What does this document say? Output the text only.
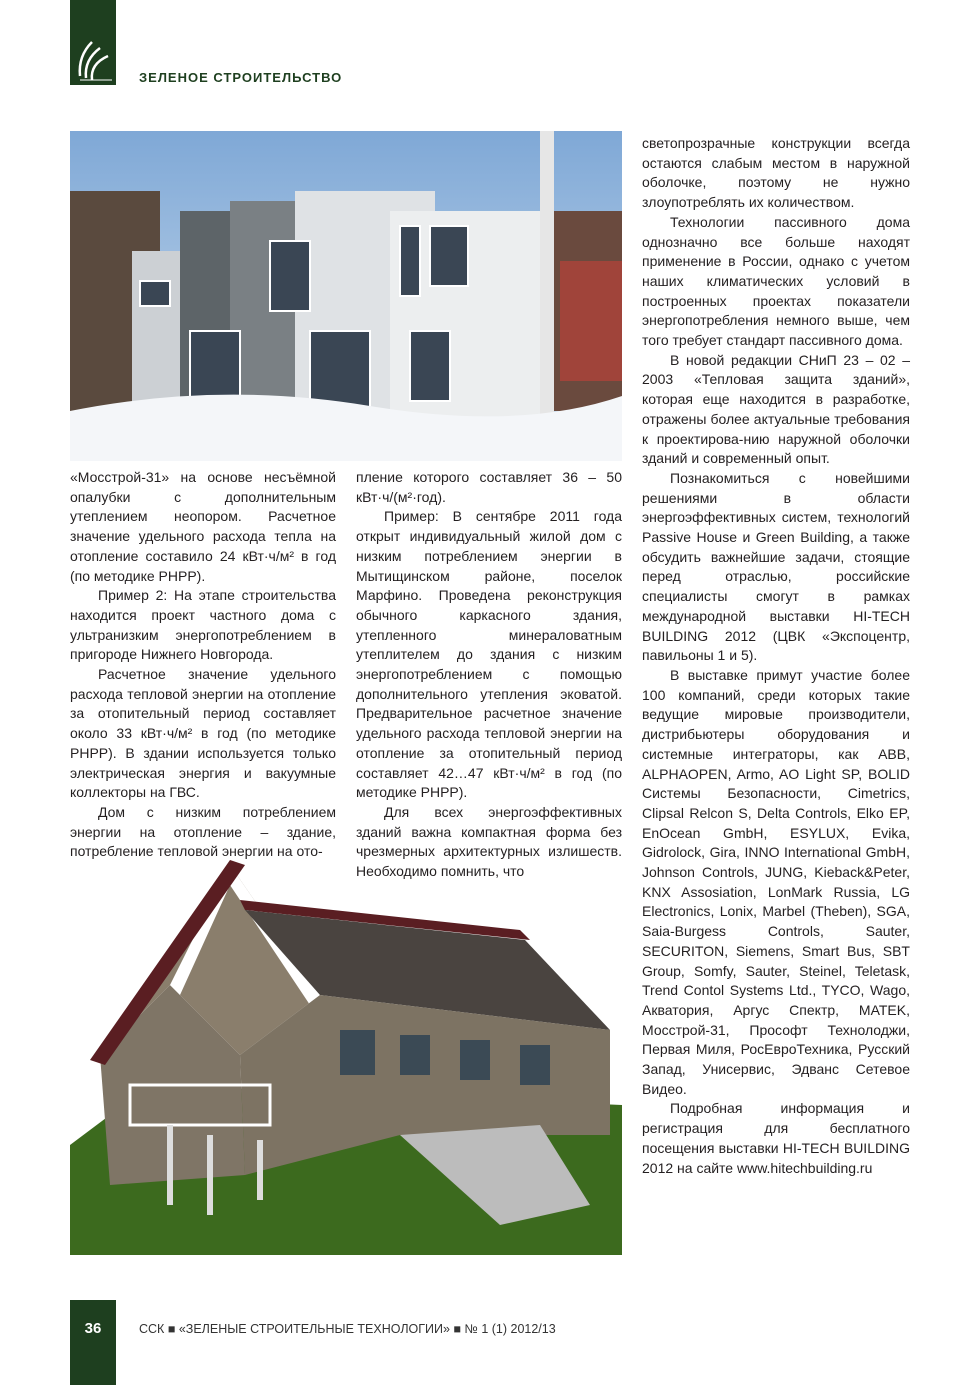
ЗЕЛЕНОЕ СТРОИТЕЛЬСТВО

«Мосстрой-31» на основе несъёмной опалубки с дополнительным утеплением неопором. Расчетное значение удельного расхода тепла на отопление составило 24 кВт·ч/м² в год (по методике PHPP).

Пример 2: На этапе строительства находится проект частного дома с ультранизким энергопотреблением в пригороде Нижнего Новгорода.

Расчетное значение удельного расхода тепловой энергии на отопление за отопительный период составляет около 33 кВт·ч/м² в год (по методике PHPP). В здании используется только электрическая энергия и вакуумные коллекторы на ГВС.

Дом с низким потреблением энергии на отопление – здание, потребление тепловой энергии на ото-

пление которого составляет 36 – 50 кВт·ч/(м²·год).

Пример: В сентябре 2011 года открыт индивидуальный жилой дом с низким потреблением энергии в Мытищинском районе, поселок Марфино. Проведена реконструкция обычного каркасного здания, утепленного минераловатным утеплителем до здания с низким энергопотреблением с помощью дополнительного утепления эковатой. Предварительное расчетное значение удельного расхода тепловой энергии на отопление за отопительный период составляет 42…47 кВт·ч/м² в год (по методике PHPP).

Для всех энергоэффективных зданий важна компактная форма без чрезмерных архитектурных излишеств. Необходимо помнить, что

светопрозрачные конструкции всегда остаются слабым местом в наружной оболочке, поэтому не нужно злоупотреблять их количеством.

Технологии пассивного дома однозначно все больше находят применение в России, однако с учетом наших климатических условий в построенных проектах показатели энергопотребления немного выше, чем того требует стандарт пассивного дома.

В новой редакции СНиП 23 – 02 – 2003 «Тепловая защита зданий», которая еще находится в разработке, отражены более актуальные требования к проектирова-нию наружной оболочки зданий и современный опыт.

Познакомиться с новейшими решениями в области энергоэффективных систем, технологий Passive House и Green Building, а также обсудить важнейшие задачи, стоящие перед отраслью, российские специалисты смогут в рамках международной выставки HI-TECH BUILDING 2012 (ЦВК «Экспоцентр, павильоны 1 и 5).

В выставке примут участие более 100 компаний, среди которых такие ведущие мировые производители, дистрибьютеры оборудования и системные интеграторы, как ABB, ALPHAOPEN, Armo, AO Light SP, BOLID Системы Безопасности, Cimetrics, Clipsal Relcon S, Delta Controls, Elko EP, EnOcean GmbH, ESYLUX, Evika, Gidrolock, Gira, INNO International GmbH, Johnson Controls, JUNG, Kieback&Peter, KNX Assosiation, LonMark Russia, LG Electronics, Lonix, Marbel (Theben), SGA, Saia-Burgess Controls, Sauter, SECURITON, Siemens, Smart Bus, SBT Group, Somfy, Sauter, Steinel, Teletask, Trend Contol Systems Ltd., TYCO, Wago, Акватория, Аргус Спектр, MATEK, Мосстрой-31, Прософт Технолоджи, Первая Миля, РосЕвроТехника, Русский Запад, Унисервис, Эдванс Сетевое Видео.

Подробная информация и регистрация для бесплатного посещения выставки HI-TECH BUILDING 2012 на сайте www.hitechbuilding.ru

36	ССК ■ «ЗЕЛЕНЫЕ СТРОИТЕЛЬНЫЕ ТЕХНОЛОГИИ» ■ № 1 (1) 2012/13
